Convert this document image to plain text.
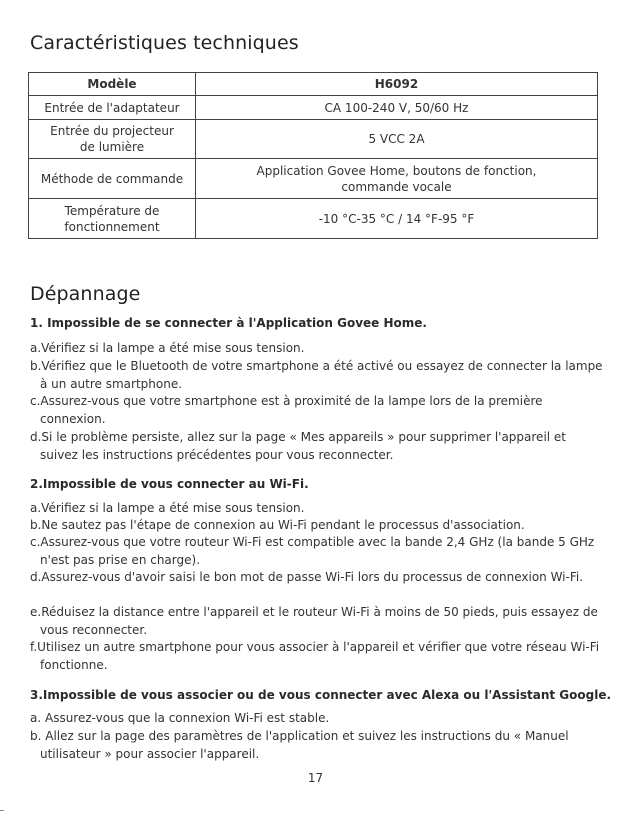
Caractéristiques techniques
Modèle	H6092
Entrée de l'adaptateur	CA 100-240 V, 50/60 Hz
Entrée du projecteur de lumière	5 VCC 2A
Méthode de commande	Application Govee Home, boutons de fonction, commande vocale
Température de fonctionnement	-10 °C-35 °C / 14 °F-95 °F
Dépannage

1. Impossible de se connecter à l'Application Govee Home.

a.Vérifiez si la lampe a été mise sous tension.

b.Vérifiez que le Bluetooth de votre smartphone a été activé ou essayez de connecter la lampe à un autre smartphone.

c.Assurez-vous que votre smartphone est à proximité de la lampe lors de la première connexion.

d.Si le problème persiste, allez sur la page « Mes appareils » pour supprimer l'appareil et suivez les instructions précédentes pour vous reconnecter.

2.Impossible de vous connecter au Wi-Fi.

a.Vérifiez si la lampe a été mise sous tension.

b.Ne sautez pas l'étape de connexion au Wi-Fi pendant le processus d'association.

c.Assurez-vous que votre routeur Wi-Fi est compatible avec la bande 2,4 GHz (la bande 5 GHz n'est pas prise en charge).

d.Assurez-vous d'avoir saisi le bon mot de passe Wi-Fi lors du processus de connexion Wi-Fi.

e.Réduisez la distance entre l'appareil et le routeur Wi-Fi à moins de 50 pieds, puis essayez de vous reconnecter.

f.Utilisez un autre smartphone pour vous associer à l'appareil et vérifier que votre réseau Wi-Fi fonctionne.

3.Impossible de vous associer ou de vous connecter avec Alexa ou l'Assistant Google.

a. Assurez-vous que la connexion Wi-Fi est stable.

b. Allez sur la page des paramètres de l'application et suivez les instructions du « Manuel utilisateur » pour associer l'appareil.

17
